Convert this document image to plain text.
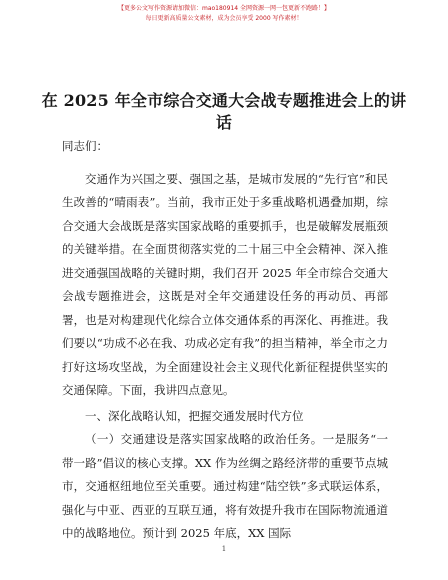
【更多公文写作资源请加微信：mao180914 全网资源一网一包更新不跑路！】
每日更新高质量公文素材，成为会员享受 2000 写作素材！
在 2025 年全市综合交通大会战专题推进会上的讲话

同志们：

交通作为兴国之要、强国之基，是城市发展的“先行官”和民生改善的“晴雨表”。当前，我市正处于多重战略机遇叠加期，综合交通大会战既是落实国家战略的重要抓手，也是破解发展瓶颈的关键举措。在全面贯彻落实党的二十届三中全会精神、深入推进交通强国战略的关键时期，我们召开 2025 年全市综合交通大会战专题推进会，这既是对全年交通建设任务的再动员、再部署，也是对构建现代化综合立体交通体系的再深化、再推进。我们要以“功成不必在我、功成必定有我”的担当精神，举全市之力打好这场攻坚战，为全面建设社会主义现代化新征程提供坚实的交通保障。下面，我讲四点意见。

一、深化战略认知，把握交通发展时代方位

（一）交通建设是落实国家战略的政治任务。一是服务“一带一路”倡议的核心支撑。XX 作为丝绸之路经济带的重要节点城市，交通枢纽地位至关重要。通过构建“陆空铁”多式联运体系，强化与中亚、西亚的互联互通，将有效提升我市在国际物流通道中的战略地位。预计到 2025 年底，XX 国际

1
